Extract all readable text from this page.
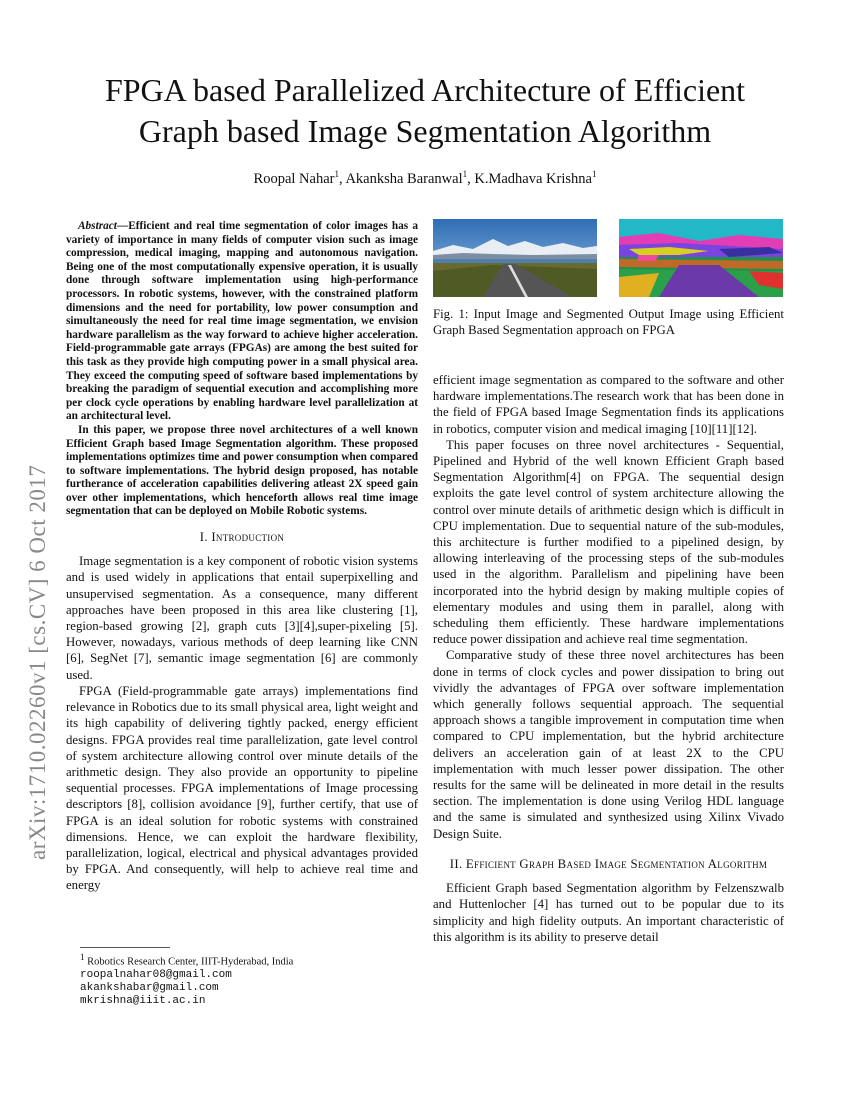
arXiv:1710.02260v1 [cs.CV] 6 Oct 2017
FPGA based Parallelized Architecture of Efficient
Graph based Image Segmentation Algorithm
Roopal Nahar$^1$, Akanksha Baranwal$^1$, K.Madhava Krishna$^1$

Abstract—Efficient and real time segmentation of color images has a variety of importance in many fields of computer vision such as image compression, medical imaging, mapping and autonomous navigation. Being one of the most computationally expensive operation, it is usually done through software implementation using high-performance processors. In robotic systems, however, with the constrained platform dimensions and the need for portability, low power consumption and simultaneously the need for real time image segmentation, we envision hardware parallelism as the way forward to achieve higher acceleration. Field-programmable gate arrays (FPGAs) are among the best suited for this task as they provide high computing power in a small physical area. They exceed the computing speed of software based implementations by breaking the paradigm of sequential execution and accomplishing more per clock cycle operations by enabling hardware level parallelization at an architectural level.

In this paper, we propose three novel architectures of a well known Efficient Graph based Image Segmentation algorithm. These proposed implementations optimizes time and power consumption when compared to software implementations. The hybrid design proposed, has notable furtherance of acceleration capabilities delivering atleast 2X speed gain over other implementations, which henceforth allows real time image segmentation that can be deployed on Mobile Robotic systems.

I. Introduction

Image segmentation is a key component of robotic vision systems and is used widely in applications that entail superpixelling and unsupervised segmentation. As a consequence, many different approaches have been proposed in this area like clustering [1], region-based growing [2], graph cuts [3][4],super-pixeling [5]. However, nowadays, various methods of deep learning like CNN [6], SegNet [7], semantic image segmentation [6] are commonly used.

FPGA (Field-programmable gate arrays) implementations find relevance in Robotics due to its small physical area, light weight and its high capability of delivering tightly packed, energy efficient designs. FPGA provides real time parallelization, gate level control of system architecture allowing control over minute details of the arithmetic design. They also provide an opportunity to pipeline sequential processes. FPGA implementations of Image processing descriptors [8], collision avoidance [9], further certify, that use of FPGA is an ideal solution for robotic systems with constrained dimensions. Hence, we can exploit the hardware flexibility, parallelization, logical, electrical and physical advantages provided by FPGA. And consequently, will help to achieve real time and energy

$^1$ Robotics Research Center, IIIT-Hyderabad, India
roopalnahar08@gmail.com
akankshabar@gmail.com
mkrishna@iiit.ac.in
Fig. 1: Input Image and Segmented Output Image using Efficient Graph Based Segmentation approach on FPGA

efficient image segmentation as compared to the software and other hardware implementations.The research work that has been done in the field of FPGA based Image Segmentation finds its applications in robotics, computer vision and medical imaging [10][11][12].

This paper focuses on three novel architectures - Sequential, Pipelined and Hybrid of the well known Efficient Graph based Segmentation Algorithm[4] on FPGA. The sequential design exploits the gate level control of system architecture allowing the control over minute details of arithmetic design which is difficult in CPU implementation. Due to sequential nature of the sub-modules, this architecture is further modified to a pipelined design, by allowing interleaving of the processing steps of the sub-modules used in the algorithm. Parallelism and pipelining have been incorporated into the hybrid design by making multiple copies of elementary modules and using them in parallel, along with scheduling them efficiently. These hardware implementations reduce power dissipation and achieve real time segmentation.

Comparative study of these three novel architectures has been done in terms of clock cycles and power dissipation to bring out vividly the advantages of FPGA over software implementation which generally follows sequential approach. The sequential approach shows a tangible improvement in computation time when compared to CPU implementation, but the hybrid architecture delivers an acceleration gain of at least 2X to the CPU implementation with much lesser power dissipation. The other results for the same will be delineated in more detail in the results section. The implementation is done using Verilog HDL language and the same is simulated and synthesized using Xilinx Vivado Design Suite.

II. Efficient Graph Based Image Segmentation Algorithm

Efficient Graph based Segmentation algorithm by Felzenszwalb and Huttenlocher [4] has turned out to be popular due to its simplicity and high fidelity outputs. An important characteristic of this algorithm is its ability to preserve detail
